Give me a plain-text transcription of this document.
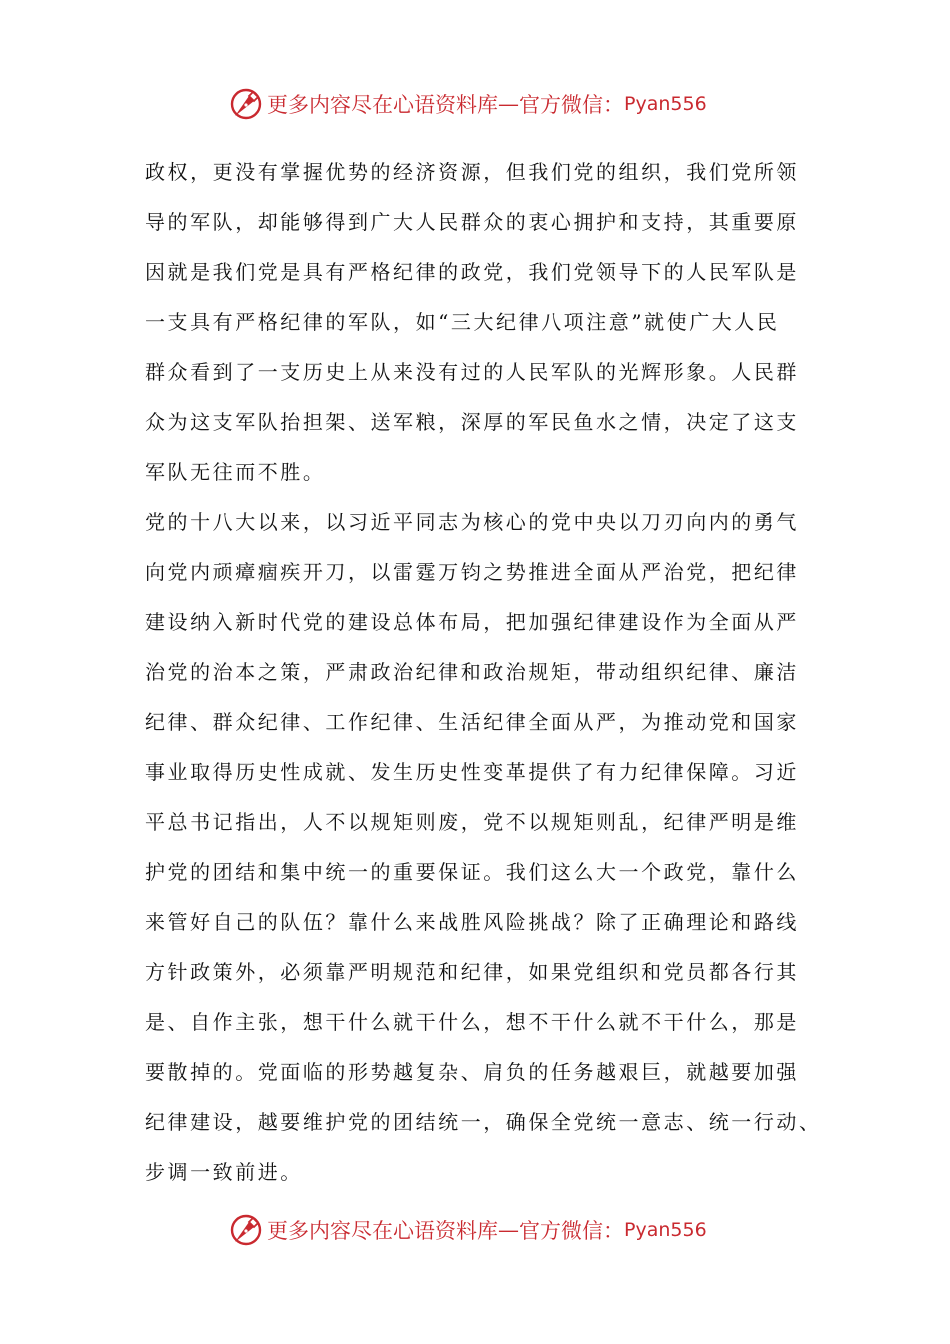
更多内容尽在心语资料库 — 官方微信： Pyan556
政权，更没有掌握优势的经济资源，但我们党的组织，我们党所领
导的军队，却能够得到广大人民群众的衷心拥护和支持，其重要原
因就是我们党是具有严格纪律的政党，我们党领导下的人民军队是
一支具有严格纪律的军队，如“三大纪律八项注意”就使广大人民
群众看到了一支历史上从来没有过的人民军队的光辉形象。人民群
众为这支军队抬担架、送军粮，深厚的军民鱼水之情，决定了这支
军队无往而不胜。
党的十八大以来，以习近平同志为核心的党中央以刀刃向内的勇气
向党内顽瘴痼疾开刀，以雷霆万钧之势推进全面从严治党，把纪律
建设纳入新时代党的建设总体布局，把加强纪律建设作为全面从严
治党的治本之策，严肃政治纪律和政治规矩，带动组织纪律、廉洁
纪律、群众纪律、工作纪律、生活纪律全面从严，为推动党和国家
事业取得历史性成就、发生历史性变革提供了有力纪律保障。习近
平总书记指出，人不以规矩则废，党不以规矩则乱，纪律严明是维
护党的团结和集中统一的重要保证。我们这么大一个政党，靠什么
来管好自己的队伍？靠什么来战胜风险挑战？除了正确理论和路线
方针政策外，必须靠严明规范和纪律，如果党组织和党员都各行其
是、自作主张，想干什么就干什么，想不干什么就不干什么，那是
要散掉的。党面临的形势越复杂、肩负的任务越艰巨，就越要加强
纪律建设，越要维护党的团结统一，确保全党统一意志、统一行动、
步调一致前进。
更多内容尽在心语资料库 — 官方微信： Pyan556
